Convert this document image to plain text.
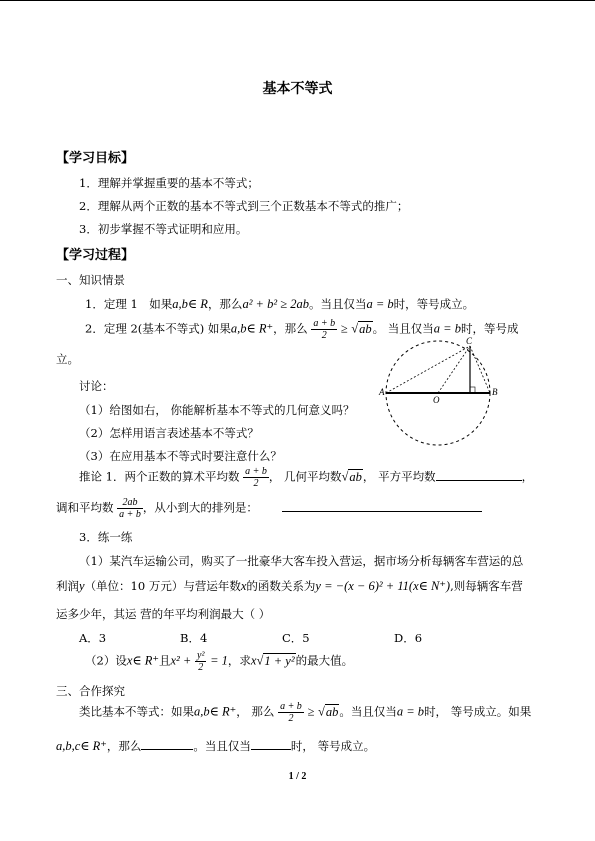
基本不等式
【学习目标】
1．理解并掌握重要的基本不等式；
2．理解从两个正数的基本不等式到三个正数基本不等式的推广；
3．初步掌握不等式证明和应用。
【学习过程】
一、知识情景
1．定理 1　如果a,b∈ R，那么a² + b² ≥ 2ab。当且仅当a = b时，等号成立。
2．定理 2(基本不等式) 如果a,b∈ R⁺，那么 $\frac{a + b}{2} \ge √ab$。 当且仅当a = b时，等号成
立。
讨论：
（1）给图如右， 你能解析基本不等式的几何意义吗？
（2）怎样用语言表述基本不等式？
（3）在应用基本不等式时要注意什么？
A	B
C
O
推论 1．两个正数的算术平均数 $\frac{a + b}{2}$ ， 几何平均数√ab， 平方平均数	，
调和平均数 $\frac{2ab}{a + b}$ ，从小到大的排列是：
3．练一练
（1）某汽车运输公司，购买了一批豪华大客车投入营运，据市场分析每辆客车营运的总
利润y（单位：10 万元）与营运年数x的函数关系为y = −(x − 6)² + 11(x∈ N⁺),则每辆客车营
运多少年，其运 营的年平均利润最大（ ）
A．3	B．4	C．5	D．6
（2）设x∈ R⁺且$x^2 + \frac{\text{y²}}{2} = 1$，求x√1 + y²的最大值。
三、合作探究
类比基本不等式：如果a,b∈ R⁺， 那么 $\frac{a + b}{2} \ge √ab$。当且仅当a = b时， 等号成立。如果
a,b,c∈ R⁺，那么	。当且仅当	时， 等号成立。
1 / 2
